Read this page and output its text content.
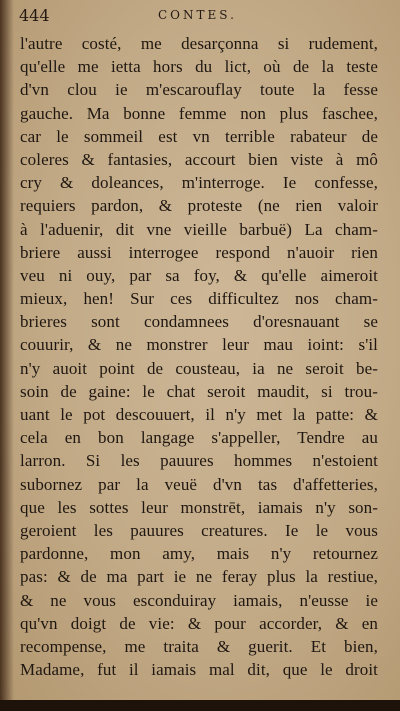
444	CONTES.
l'autre costé, me desarçonna si rudement,
qu'elle me ietta hors du lict, où de la teste
d'vn clou ie m'escarouflay toute la fesse
gauche. Ma bonne femme non plus faschee,
car le sommeil est vn terrible rabateur de
coleres & fantasies, accourt bien viste à mô
cry & doleances, m'interroge. Ie confesse,
requiers pardon, & proteste (ne rien valoir
à l'aduenir, dit vne vieille barbuë) La cham-
briere aussi interrogee respond n'auoir rien
veu ni ouy, par sa foy, & qu'elle aimeroit
mieux, hen! Sur ces difficultez nos cham-
brieres sont condamnees d'oresnauant se
couurir, & ne monstrer leur mau ioint: s'il
n'y auoit point de cousteau, ia ne seroit be-
soin de gaine: le chat seroit maudit, si trou-
uant le pot descouuert, il n'y met la patte: &
cela en bon langage s'appeller, Tendre au
larron. Si les pauures hommes n'estoient
subornez par la veuë d'vn tas d'affetteries,
que les sottes leur monstrēt, iamais n'y son-
geroient les pauures creatures. Ie le vous
pardonne, mon amy, mais n'y retournez
pas: & de ma part ie ne feray plus la restiue,
& ne vous esconduiray iamais, n'eusse ie
qu'vn doigt de vie: & pour accorder, & en
recompense, me traita & guerit. Et bien,
Madame, fut il iamais mal dit, que le droit
